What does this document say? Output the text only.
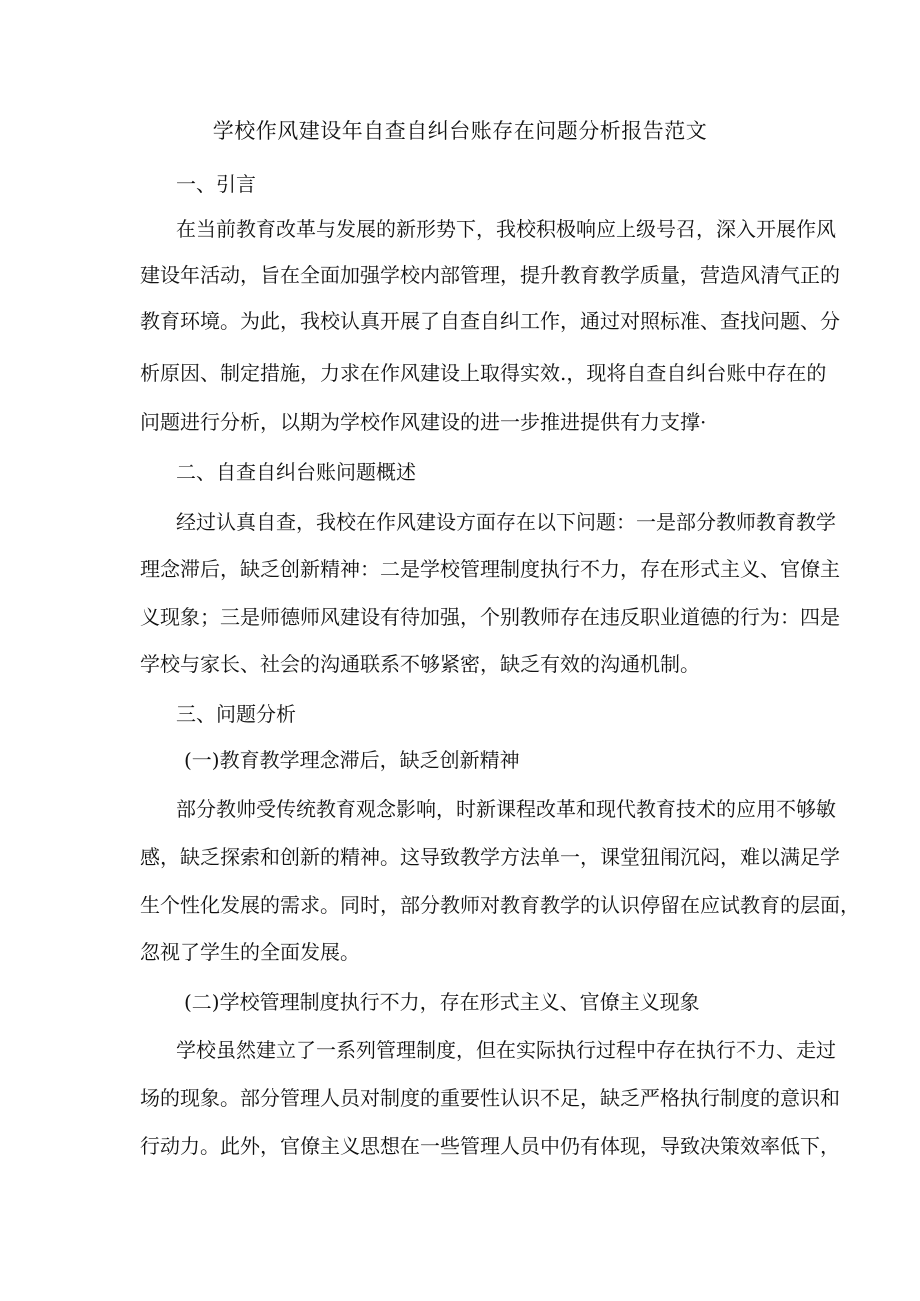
学校作风建设年自查自纠台账存在问题分析报告范文
一、引言
在当前教育改革与发展的新形势下，我校积极响应上级号召，深入开展作风
建设年活动，旨在全面加强学校内部管理，提升教育教学质量，营造风清气正的
教育环境。为此，我校认真开展了自查自纠工作，通过对照标准、查找问题、分
析原因、制定措施，力求在作风建设上取得实效.，现将自查自纠台账中存在的
问题进行分析，以期为学校作风建设的进一步推进提供有力支撑·
二、自查自纠台账问题概述
经过认真自查，我校在作风建设方面存在以下问题：一是部分教师教育教学
理念滞后，缺乏创新精神：二是学校管理制度执行不力，存在形式主义、官僚主
义现象；三是师德师风建设有待加强，个别教师存在违反职业道德的行为：四是
学校与家长、社会的沟通联系不够紧密，缺乏有效的沟通机制。
三、问题分析
(一)教育教学理念滞后，缺乏创新精神
部分教帅受传统教育观念影响，时新课程改革和现代教育技术的应用不够敏
感，缺乏探索和创新的精神。这导致教学方法单一，课堂狃闱沉闷，难以满足学
生个性化发展的需求。同时，部分教师对教育教学的认识停留在应试教育的层面，
忽视了学生的全面发展。
(二)学校管理制度执行不力，存在形式主义、官僚主义现象
学校虽然建立了一系列管理制度，但在实际执行过程中存在执行不力、走过
场的现象。部分管理人员对制度的重要性认识不足，缺乏严格执行制度的意识和
行动力。此外，官僚主义思想在一些管理人员中仍有体现，导致决策效率低下，
